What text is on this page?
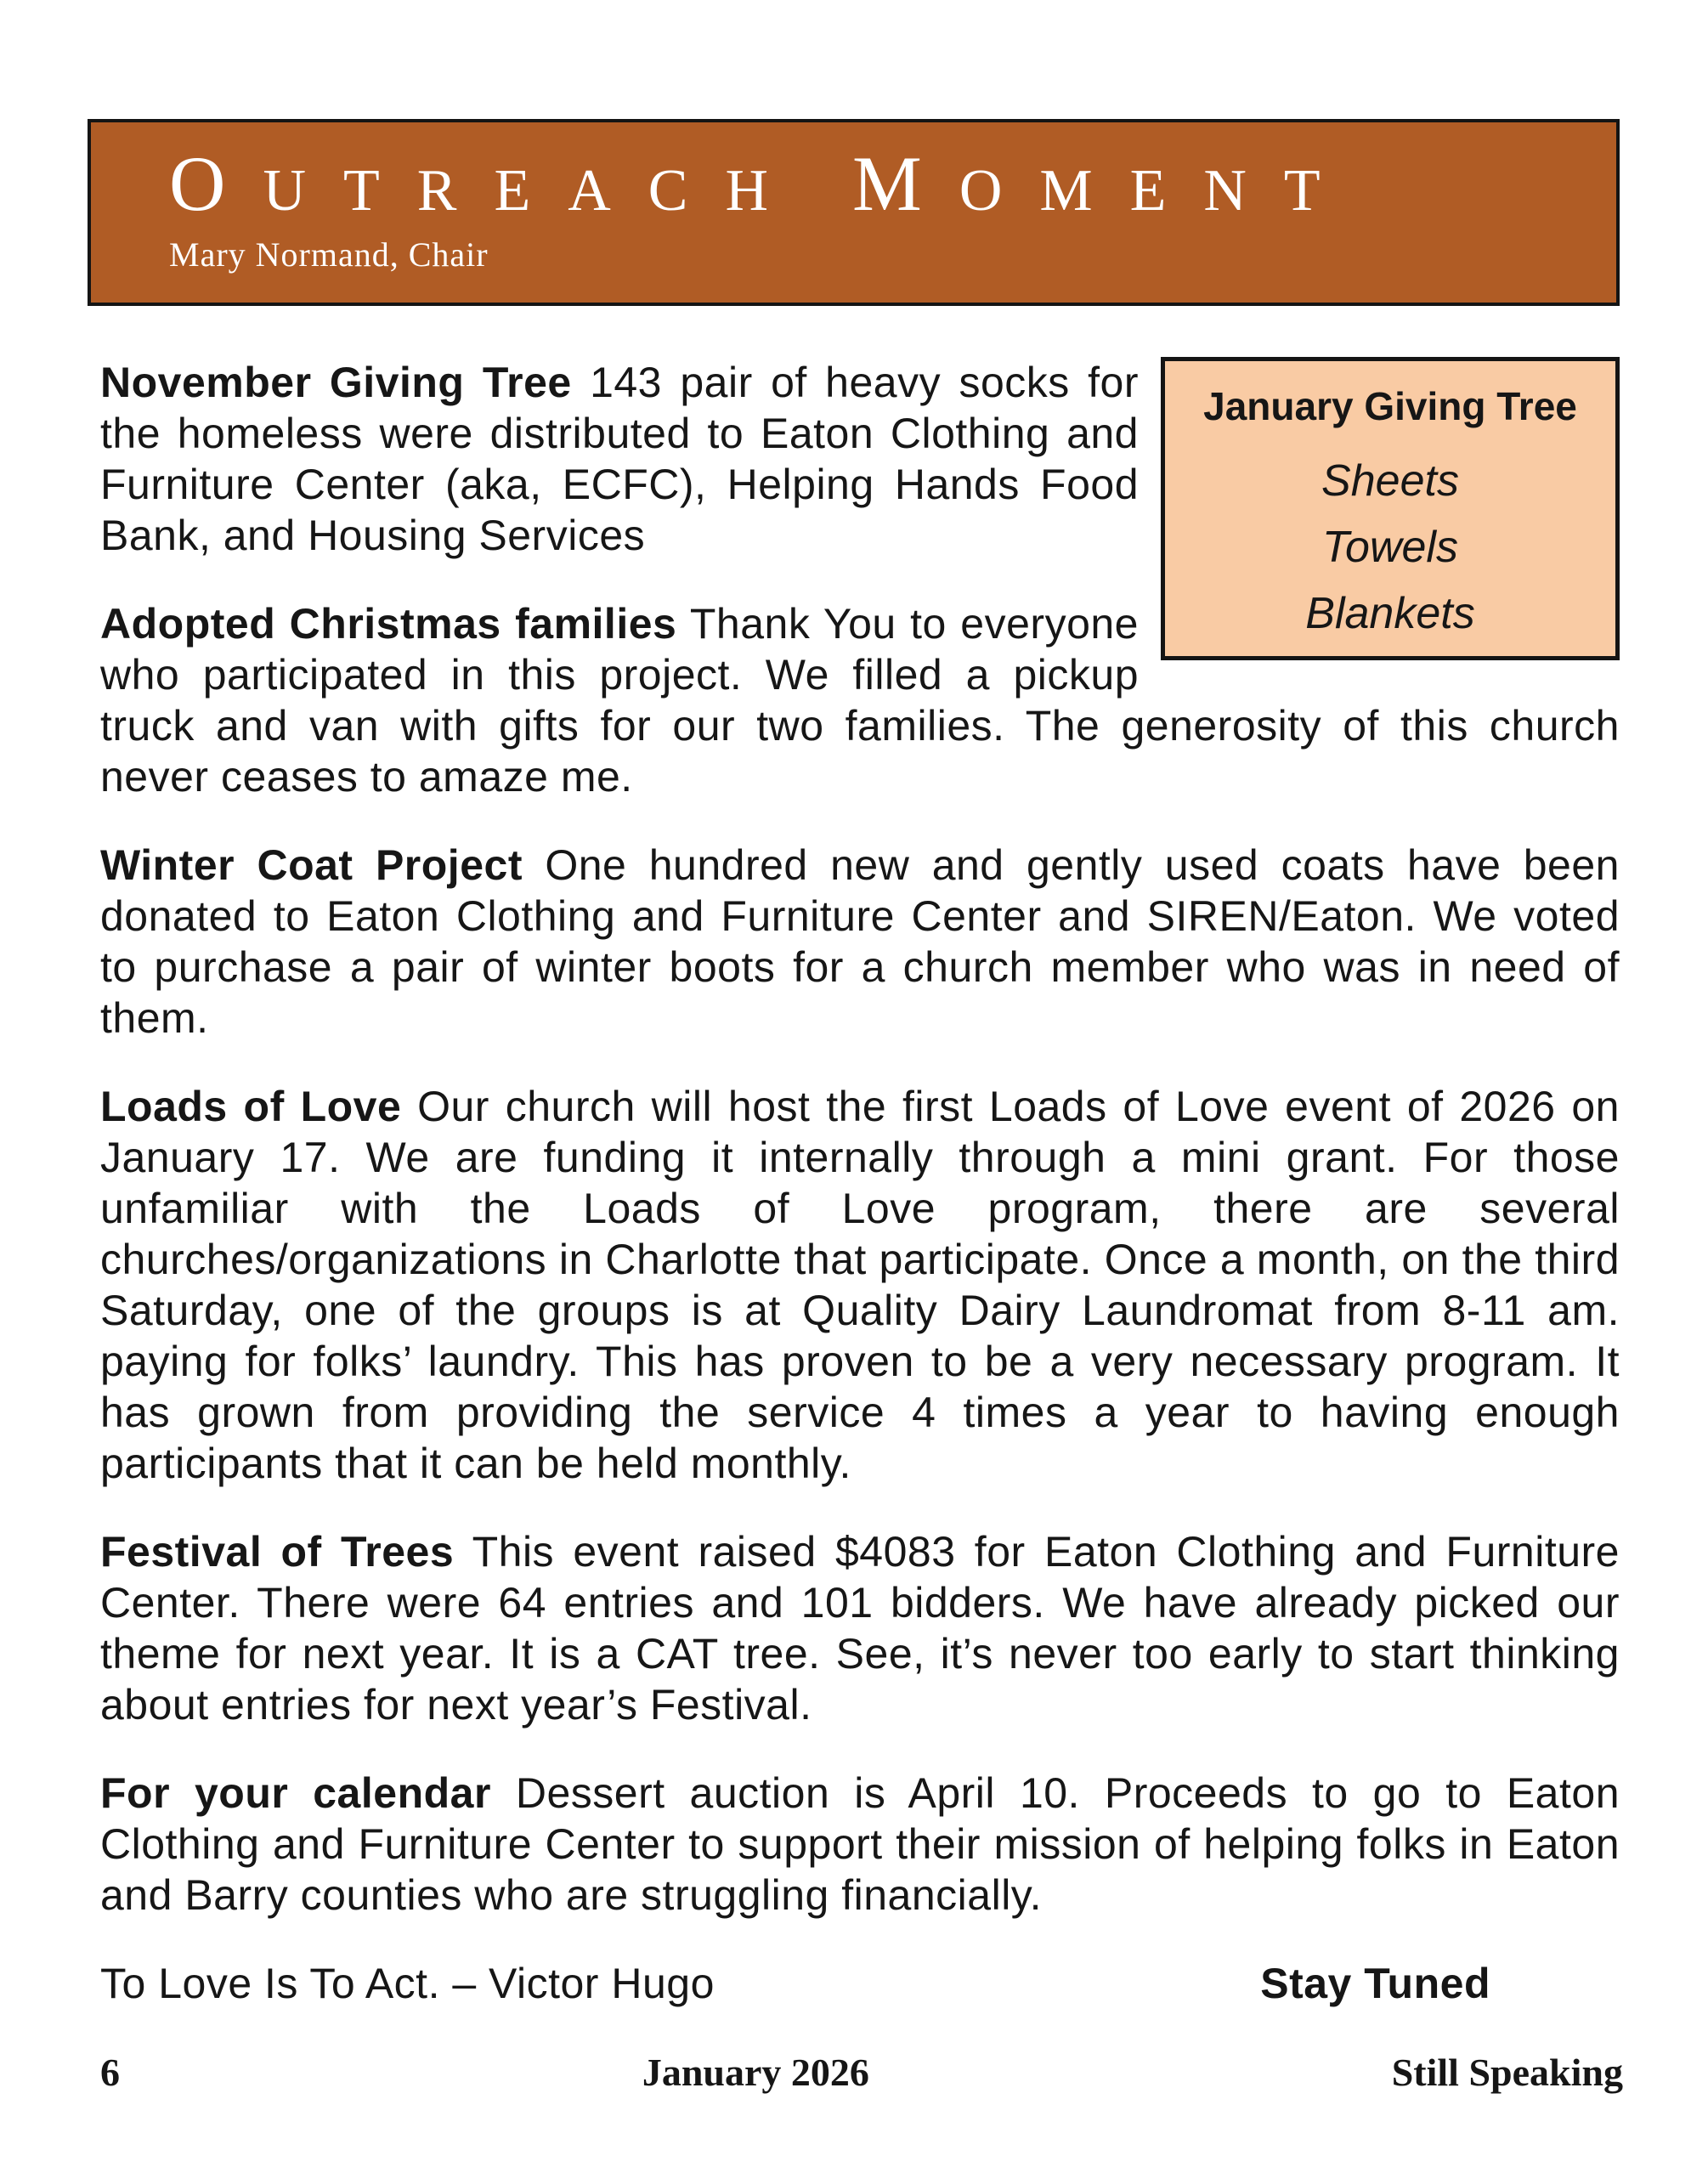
OUTREACH MOMENT
Mary Normand, Chair
January Giving Tree
Sheets
Towels
Blankets

November Giving Tree 143 pair of heavy socks for the homeless were distributed to Eaton Clothing and Furniture Center (aka, ECFC), Helping Hands Food Bank, and Housing Services

Adopted Christmas families Thank You to everyone who participated in this project. We filled a pickup truck and van with gifts for our two families. The generosity of this church never ceases to amaze me.

Winter Coat Project One hundred new and gently used coats have been donated to Eaton Clothing and Furniture Center and SIREN/Eaton. We voted to purchase a pair of winter boots for a church member who was in need of them.

Loads of Love Our church will host the first Loads of Love event of 2026 on January 17. We are funding it internally through a mini grant. For those unfamiliar with the Loads of Love program, there are several churches/organizations in Charlotte that participate. Once a month, on the third Saturday, one of the groups is at Quality Dairy Laundromat from 8-11 am. paying for folks’ laundry. This has proven to be a very necessary program. It has grown from providing the service 4 times a year to having enough participants that it can be held monthly.

Festival of Trees This event raised $4083 for Eaton Clothing and Furniture Center. There were 64 entries and 101 bidders. We have already picked our theme for next year. It is a CAT tree. See, it’s never too early to start thinking about entries for next year’s Festival.

For your calendar Dessert auction is April 10. Proceeds to go to Eaton Clothing and Furniture Center to support their mission of helping folks in Eaton and Barry counties who are struggling financially.

To Love Is To Act. – Victor Hugo	Stay Tuned
6	January 2026	Still Speaking
